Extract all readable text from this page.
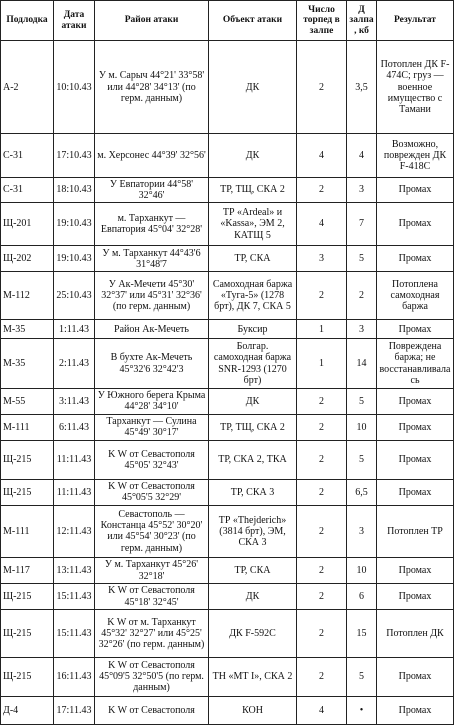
Подлодка	Дата атаки	Район атаки	Объект атаки	Число торпед в залпе	Д залпа, кб	Результат
А-2	10:10.43	У м. Сарыч 44°21' 33°58' или 44°28' 34°13' (по герм. данным)	ДК	2	3,5	Потоплен ДК F-474C; груз — военное имущество с Тамани
С-31	17:10.43	м. Херсонес 44°39' 32°56'	ДК	4	4	Возможно, поврежден ДК F-418C
С-31	18:10.43	У Евпатории 44°58' 32°46'	ТР, ТЩ, СКА 2	2	3	Промах
Щ-201	19:10.43	м. Тарханкут — Евпатория 45°04' 32°28'	ТР «Ardeal» и «Kassa», ЭМ 2, КАТЩ 5	4	7	Промах
Щ-202	19:10.43	У м. Тарханкут 44°43'6 31°48'7	ТР, СКА	3	5	Промах
М-112	25:10.43	У Ак-Мечети 45°30' 32°37' или 45°31' 32°36' (по герм. данным)	Самоходная баржа «Туга-5» (1278 брт), ДК 7, СКА 5	2	2	Потоплена самоходная баржа
М-35	1:11.43	Район Ак-Мечеть	Буксир	1	3	Промах
М-35	2:11.43	В бухте Ак-Мечеть 45°32'6 32°42'3	Болгар. самоходная баржа SNR-1293 (1270 брт)	1	14	Повреждена баржа; не восстанавливалась
М-55	3:11.43	У Южного берега Крыма 44°28' 34°10'	ДК	2	5	Промах
М-111	6:11.43	Тарханкут — Сулина 45°49' 30°17'	ТР, ТЩ, СКА 2	2	10	Промах
Щ-215	11:11.43	K W от Севастополя 45°05' 32°43'	ТР, СКА 2, ТКА	2	5	Промах
Щ-215	11:11.43	K W от Севастополя 45°05'5 32°29'	ТР, СКА 3	2	6,5	Промах
М-111	12:11.43	Севастополь — Констанца 45°52' 30°20' или 45°54' 30°23' (по герм. данным)	ТР «Thejderich» (3814 брт), ЭМ, СКА 3	2	3	Потоплен ТР
М-117	13:11.43	У м. Тарханкут 45°26' 32°18'	ТР, СКА	2	10	Промах
Щ-215	15:11.43	K W от Севастополя 45°18' 32°45'	ДК	2	6	Промах
Щ-215	15:11.43	K W от м. Тарханкут 45°32' 32°27' или 45°25' 32°26' (по герм. данным)	ДК F-592C	2	15	Потоплен ДК
Щ-215	16:11.43	K W от Севастополя 45°09'5 32°50'5 (по герм. данным)	ТН «МТ I», СКА 2	2	5	Промах
Д-4	17:11.43	K W от Севастополя	КОН	4	•	Промах
